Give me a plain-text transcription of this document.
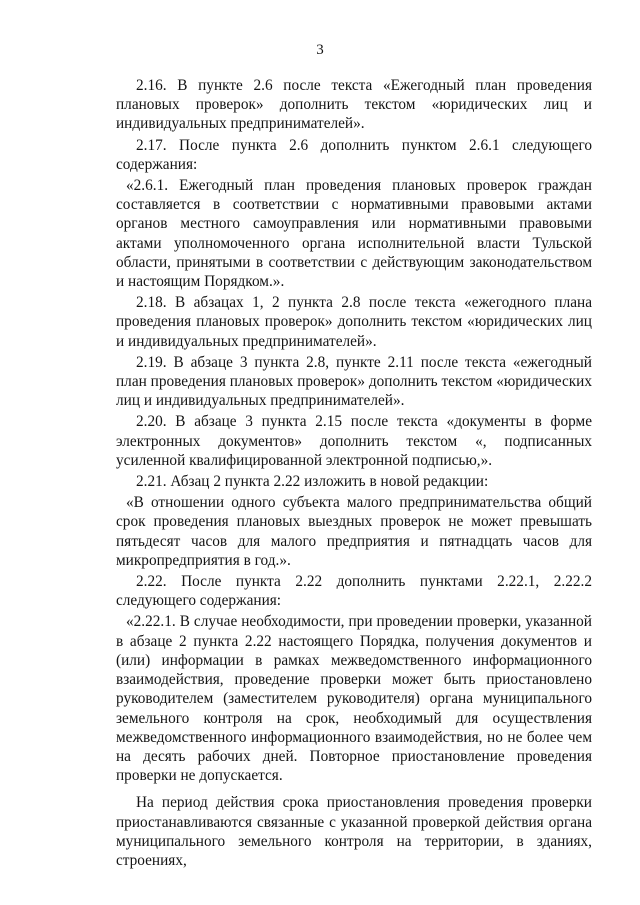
3

2.16. В пункте 2.6 после текста «Ежегодный план проведения плановых проверок» дополнить текстом «юридических лиц и индивидуальных предпринимателей».

2.17. После пункта 2.6 дополнить пунктом 2.6.1 следующего содержания:

«2.6.1. Ежегодный план проведения плановых проверок граждан составляется в соответствии с нормативными правовыми актами органов местного самоуправления или нормативными правовыми актами уполномоченного органа исполнительной власти Тульской области, принятыми в соответствии с действующим законодательством и настоящим Порядком.».

2.18. В абзацах 1, 2 пункта 2.8 после текста «ежегодного плана проведения плановых проверок» дополнить текстом «юридических лиц и индивидуальных предпринимателей».

2.19. В абзаце 3 пункта 2.8, пункте 2.11 после текста «ежегодный план проведения плановых проверок» дополнить текстом «юридических лиц и индивидуальных предпринимателей».

2.20. В абзаце 3 пункта 2.15 после текста «документы в форме электронных документов» дополнить текстом «, подписанных усиленной квалифицированной электронной подписью,».

2.21. Абзац 2 пункта 2.22 изложить в новой редакции:

«В отношении одного субъекта малого предпринимательства общий срок проведения плановых выездных проверок не может превышать пятьдесят часов для малого предприятия и пятнадцать часов для микропредприятия в год.».

2.22. После пункта 2.22 дополнить пунктами 2.22.1, 2.22.2 следующего содержания:

«2.22.1. В случае необходимости, при проведении проверки, указанной в абзаце 2 пункта 2.22 настоящего Порядка, получения документов и (или) информации в рамках межведомственного информационного взаимодействия, проведение проверки может быть приостановлено руководителем (заместителем руководителя) органа муниципального земельного контроля на срок, необходимый для осуществления межведомственного информационного взаимодействия, но не более чем на десять рабочих дней. Повторное приостановление проведения проверки не допускается.

На период действия срока приостановления проведения проверки приостанавливаются связанные с указанной проверкой действия органа муниципального земельного контроля на территории, в зданиях, строениях,
